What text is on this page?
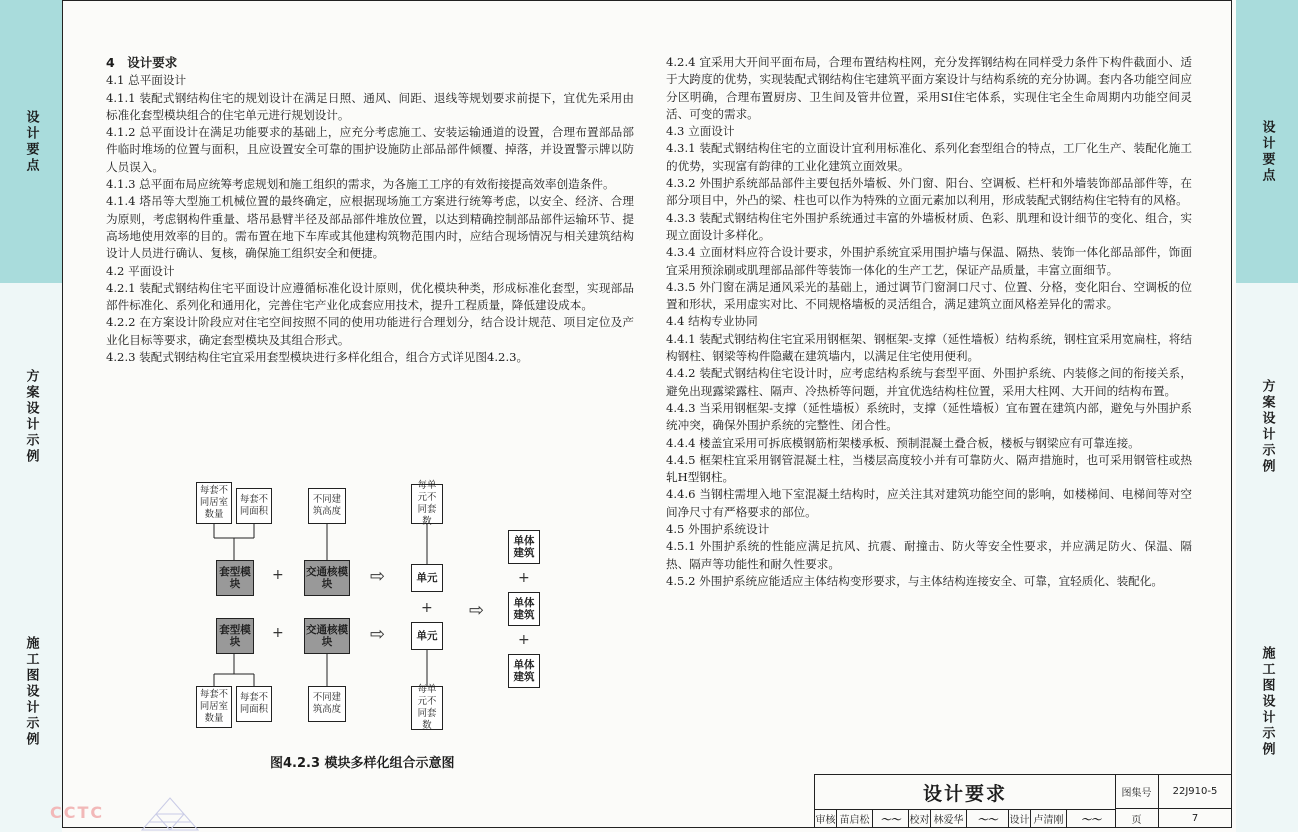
设计要点
方案设计示例
施工图设计示例
设计要点
方案设计示例
施工图设计示例

4　设计要求

4.1 总平面设计

4.1.1 装配式钢结构住宅的规划设计在满足日照、通风、间距、退线等规划要求前提下，宜优先采用由标准化套型模块组合的住宅单元进行规划设计。

4.1.2 总平面设计在满足功能要求的基础上，应充分考虑施工、安装运输通道的设置，合理布置部品部件临时堆场的位置与面积，且应设置安全可靠的围护设施防止部品部件倾覆、掉落，并设置警示牌以防人员误入。

4.1.3 总平面布局应统筹考虑规划和施工组织的需求，为各施工工序的有效衔接提高效率创造条件。

4.1.4 塔吊等大型施工机械位置的最终确定，应根据现场施工方案进行统筹考虑，以安全、经济、合理为原则，考虑钢构件重量、塔吊悬臂半径及部品部件堆放位置，以达到精确控制部品部件运输环节、提高场地使用效率的目的。需布置在地下车库或其他建构筑物范围内时，应结合现场情况与相关建筑结构设计人员进行确认、复核，确保施工组织安全和便捷。

4.2 平面设计

4.2.1 装配式钢结构住宅平面设计应遵循标准化设计原则，优化模块种类，形成标准化套型，实现部品部件标准化、系列化和通用化，完善住宅产业化成套应用技术，提升工程质量，降低建设成本。

4.2.2 在方案设计阶段应对住宅空间按照不同的使用功能进行合理划分，结合设计规范、项目定位及产业化目标等要求，确定套型模块及其组合形式。

4.2.3 装配式钢结构住宅宜采用套型模块进行多样化组合，组合方式详见图4.2.3。

4.2.4 宜采用大开间平面布局，合理布置结构柱网，充分发挥钢结构在同样受力条件下构件截面小、适于大跨度的优势，实现装配式钢结构住宅建筑平面方案设计与结构系统的充分协调。套内各功能空间应分区明确，合理布置厨房、卫生间及管井位置，采用SI住宅体系，实现住宅全生命周期内功能空间灵活、可变的需求。

4.3 立面设计

4.3.1 装配式钢结构住宅的立面设计宜利用标准化、系列化套型组合的特点，工厂化生产、装配化施工的优势，实现富有韵律的工业化建筑立面效果。

4.3.2 外围护系统部品部件主要包括外墙板、外门窗、阳台、空调板、栏杆和外墙装饰部品部件等，在部分项目中，外凸的梁、柱也可以作为特殊的立面元素加以利用，形成装配式钢结构住宅特有的风格。

4.3.3 装配式钢结构住宅外围护系统通过丰富的外墙板材质、色彩、肌理和设计细节的变化、组合，实现立面设计多样化。

4.3.4 立面材料应符合设计要求，外围护系统宜采用围护墙与保温、隔热、装饰一体化部品部件，饰面宜采用预涂刷或肌理部品部件等装饰一体化的生产工艺，保证产品质量，丰富立面细节。

4.3.5 外门窗在满足通风采光的基础上，通过调节门窗洞口尺寸、位置、分格，变化阳台、空调板的位置和形状，采用虚实对比、不同规格墙板的灵活组合，满足建筑立面风格差异化的需求。

4.4 结构专业协同

4.4.1 装配式钢结构住宅宜采用钢框架、钢框架-支撑（延性墙板）结构系统，钢柱宜采用宽扁柱，将结构钢柱、钢梁等构件隐藏在建筑墙内，以满足住宅使用便利。

4.4.2 装配式钢结构住宅设计时，应考虑结构系统与套型平面、外围护系统、内装修之间的衔接关系，避免出现露梁露柱、隔声、冷热桥等问题，并宜优选结构柱位置，采用大柱网、大开间的结构布置。

4.4.3 当采用钢框架-支撑（延性墙板）系统时，支撑（延性墙板）宜布置在建筑内部，避免与外围护系统冲突，确保外围护系统的完整性、闭合性。

4.4.4 楼盖宜采用可拆底模钢筋桁架楼承板、预制混凝土叠合板，楼板与钢梁应有可靠连接。

4.4.5 框架柱宜采用钢管混凝土柱，当楼层高度较小并有可靠防火、隔声措施时，也可采用钢管柱或热轧H型钢柱。

4.4.6 当钢柱需埋入地下室混凝土结构时，应关注其对建筑功能空间的影响，如楼梯间、电梯间等对空间净尺寸有严格要求的部位。

4.5 外围护系统设计

4.5.1 外围护系统的性能应满足抗风、抗震、耐撞击、防火等安全性要求，并应满足防火、保温、隔热、隔声等功能性和耐久性要求。

4.5.2 外围护系统应能适应主体结构变形要求，与主体结构连接安全、可靠，宜轻质化、装配化。

每套不同居室数量
每套不同面积
不同建筑高度
每单元不同套数
套型模块
+ 交通核模块	⇨	单元
+ ⇨
套型模块
+ 交通核模块	⇨	单元
每套不同居室数量
每套不同面积
不同建筑高度
每单元不同套数
单体建筑
+
单体建筑
+
单体建筑
图4.2.3 模块多样化组合示意图
设计要求	图集号	22J910-5
审核 苗启松	～～ 校对 林爱华	～～	设计 卢清刚	～～	页	7
CCTC
